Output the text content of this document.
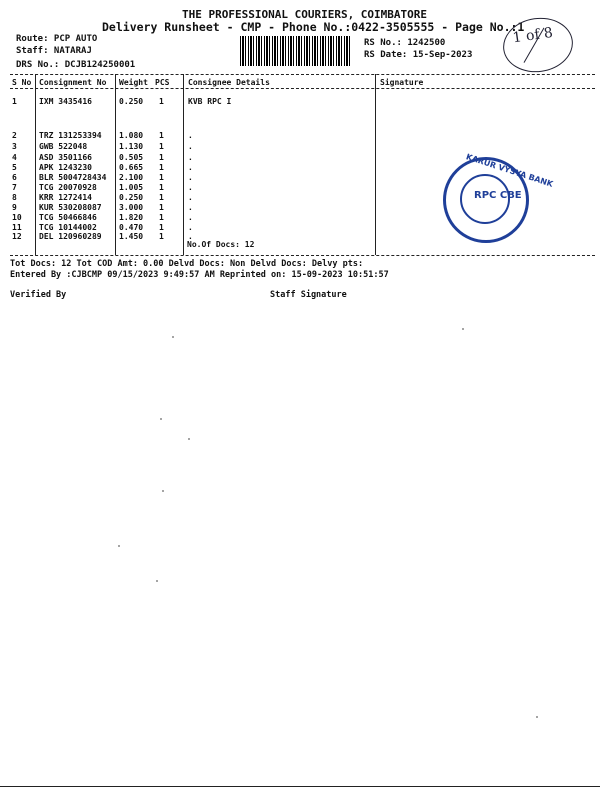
THE PROFESSIONAL COURIERS, COIMBATORE
Delivery Runsheet - CMP - Phone No.:0422-3505555 - Page No.:1
Route: PCP AUTO
Staff: NATARAJ
DRS No.: DCJB124250001
RS No.: 1242500
RS Date: 15-Sep-2023
1 of 8
S No Consignment No Weight PCS Consignee Details	Signature
1	IXM 3435416	0.250 1	KVB RPC I
2	TRZ 131253394 1.080 1	.
3	GWB 522048	1.130 1	.
4	ASD 3501166	0.505 1	.
5	APK 1243230	0.665 1	.
6	BLR 5004728434 2.100 1	.
7	TCG 20070928	1.005 1	.
8	KRR 1272414	0.250 1	.
9	KUR 530208087 3.000 1	.
10 TCG 50466846	1.820 1	.
11 TCG 10144002	0.470 1	.
12 DEL 120960289 1.450 1	.
No.Of Docs: 12
KARUR VYSYA BANK
RPC CBE
Tot Docs: 12 Tot COD Amt: 0.00 Delvd Docs: Non Delvd Docs: Delvy pts:
Entered By :CJBCMP 09/15/2023 9:49:57 AM Reprinted on: 15-09-2023 10:51:57
Verified By	Staff Signature
